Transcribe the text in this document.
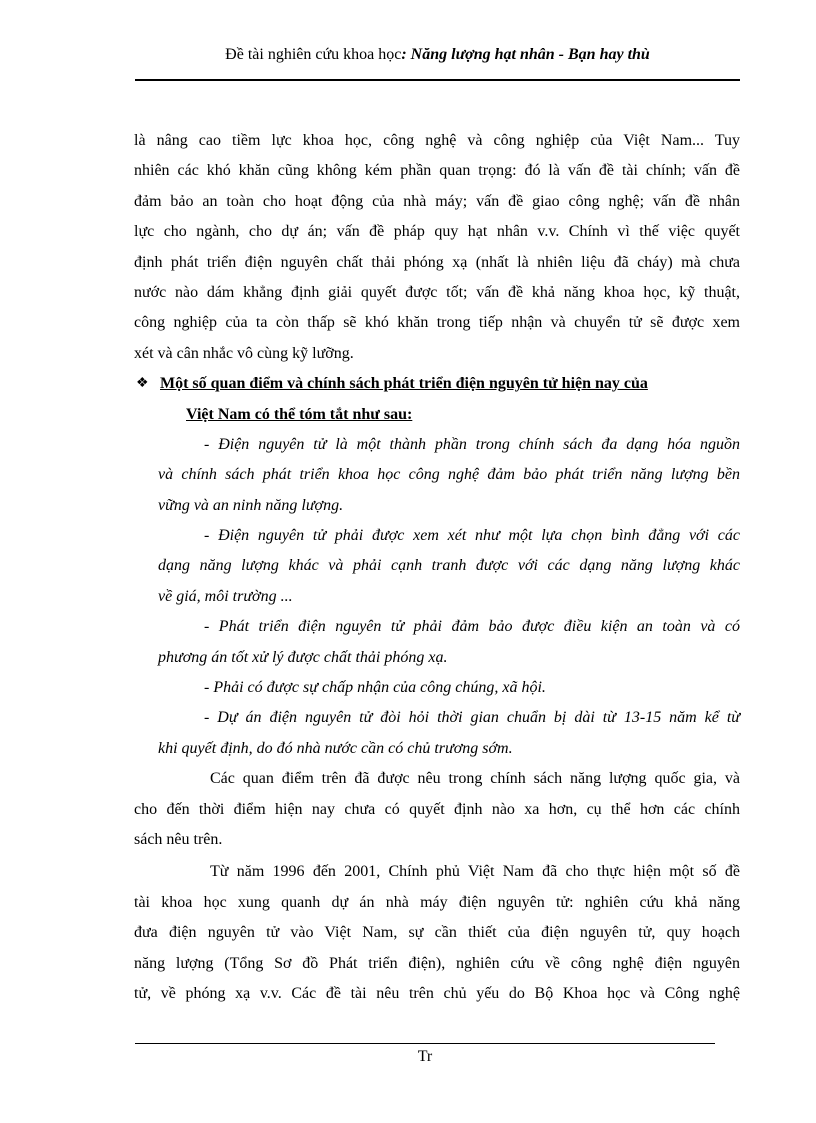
Đề tài nghiên cứu khoa học: Năng lượng hạt nhân - Bạn hay thù
là nâng cao tiềm lực khoa học, công nghệ và công nghiệp của Việt Nam... Tuy
nhiên các khó khăn cũng không kém phần quan trọng: đó là vấn đề tài chính; vấn đề
đảm bảo an toàn cho hoạt động của nhà máy; vấn đề giao công nghệ; vấn đề nhân
lực cho ngành, cho dự án; vấn đề pháp quy hạt nhân v.v. Chính vì thế việc quyết
định phát triển điện nguyên chất thải phóng xạ (nhất là nhiên liệu đã cháy) mà chưa
nước nào dám khẳng định giải quyết được tốt; vấn đề khả năng khoa học, kỹ thuật,
công nghiệp của ta còn thấp sẽ khó khăn trong tiếp nhận và chuyển tử sẽ được xem
xét và cân nhắc vô cùng kỹ lưỡng.
❖ Một số quan điểm và chính sách phát triển điện nguyên tử hiện nay của
Việt Nam có thể tóm tắt như sau:
- Điện nguyên tử là một thành phần trong chính sách đa dạng hóa nguồn
và chính sách phát triển khoa học công nghệ đảm bảo phát triển năng lượng bền
vững và an ninh năng lượng.
- Điện nguyên tử phải được xem xét như một lựa chọn bình đẳng với các
dạng năng lượng khác và phải cạnh tranh được với các dạng năng lượng khác
về giá, môi trường ...
- Phát triển điện nguyên tử phải đảm bảo được điều kiện an toàn và có
phương án tốt xử lý được chất thải phóng xạ.
- Phải có được sự chấp nhận của công chúng, xã hội.
- Dự án điện nguyên tử đòi hỏi thời gian chuẩn bị dài từ 13-15 năm kể từ
khi quyết định, do đó nhà nước cần có chủ trương sớm.
Các quan điểm trên đã được nêu trong chính sách năng lượng quốc gia, và
cho đến thời điểm hiện nay chưa có quyết định nào xa hơn, cụ thể hơn các chính
sách nêu trên.
Từ năm 1996 đến 2001, Chính phủ Việt Nam đã cho thực hiện một số đề
tài khoa học xung quanh dự án nhà máy điện nguyên tử: nghiên cứu khả năng
đưa điện nguyên tử vào Việt Nam, sự cần thiết của điện nguyên tử, quy hoạch
năng lượng (Tổng Sơ đồ Phát triển điện), nghiên cứu về công nghệ điện nguyên
tử, về phóng xạ v.v. Các đề tài nêu trên chủ yếu do Bộ Khoa học và Công nghệ
Tr
